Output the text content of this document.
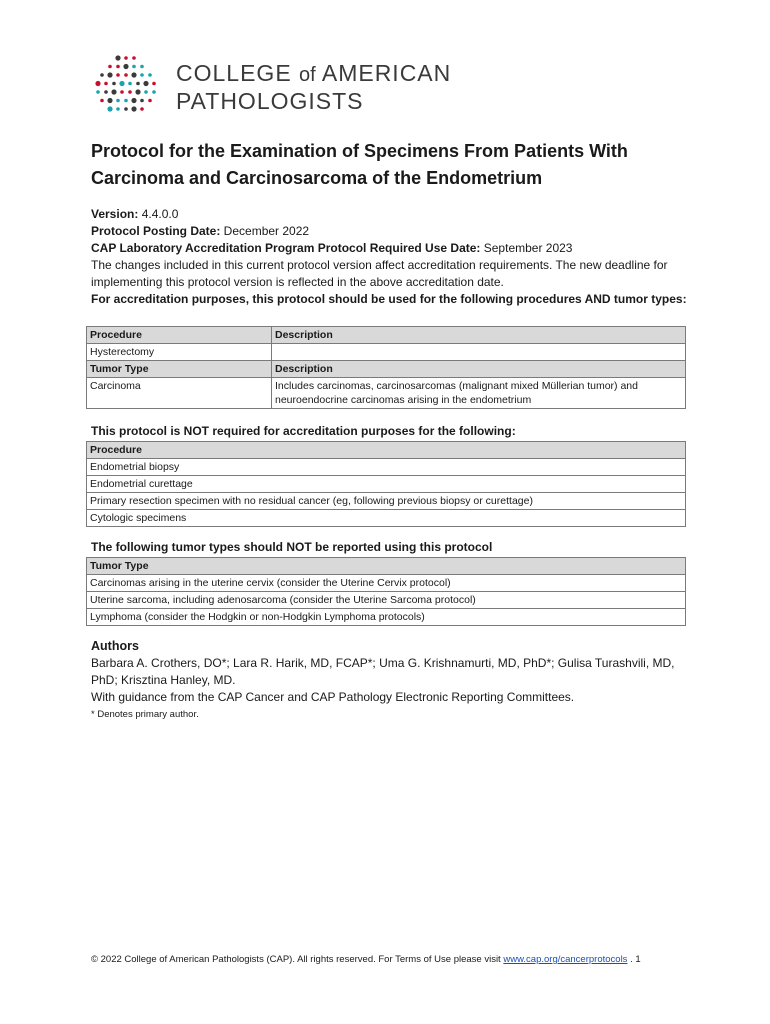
COLLEGE of AMERICAN
PATHOLOGISTS
Protocol for the Examination of Specimens From Patients With Carcinoma and Carcinosarcoma of the Endometrium
Version: 4.4.0.0
Protocol Posting Date: December 2022
CAP Laboratory Accreditation Program Protocol Required Use Date: September 2023
The changes included in this current protocol version affect accreditation requirements. The new deadline for implementing this protocol version is reflected in the above accreditation date.
For accreditation purposes, this protocol should be used for the following procedures AND tumor types:
Procedure	Description
Hysterectomy	
Tumor Type	Description
Carcinoma	Includes carcinomas, carcinosarcomas (malignant mixed Müllerian tumor) and neuroendocrine carcinomas arising in the endometrium
This protocol is NOT required for accreditation purposes for the following:
Procedure
Endometrial biopsy
Endometrial curettage
Primary resection specimen with no residual cancer (eg, following previous biopsy or curettage)
Cytologic specimens
The following tumor types should NOT be reported using this protocol
Tumor Type
Carcinomas arising in the uterine cervix (consider the Uterine Cervix protocol)
Uterine sarcoma, including adenosarcoma (consider the Uterine Sarcoma protocol)
Lymphoma (consider the Hodgkin or non-Hodgkin Lymphoma protocols)
Authors
Barbara A. Crothers, DO*; Lara R. Harik, MD, FCAP*; Uma G. Krishnamurti, MD, PhD*; Gulisa Turashvili, MD, PhD; Krisztina Hanley, MD.
With guidance from the CAP Cancer and CAP Pathology Electronic Reporting Committees.
* Denotes primary author.
© 2022 College of American Pathologists (CAP). All rights reserved. For Terms of Use please visit www.cap.org/cancerprotocols . 1
